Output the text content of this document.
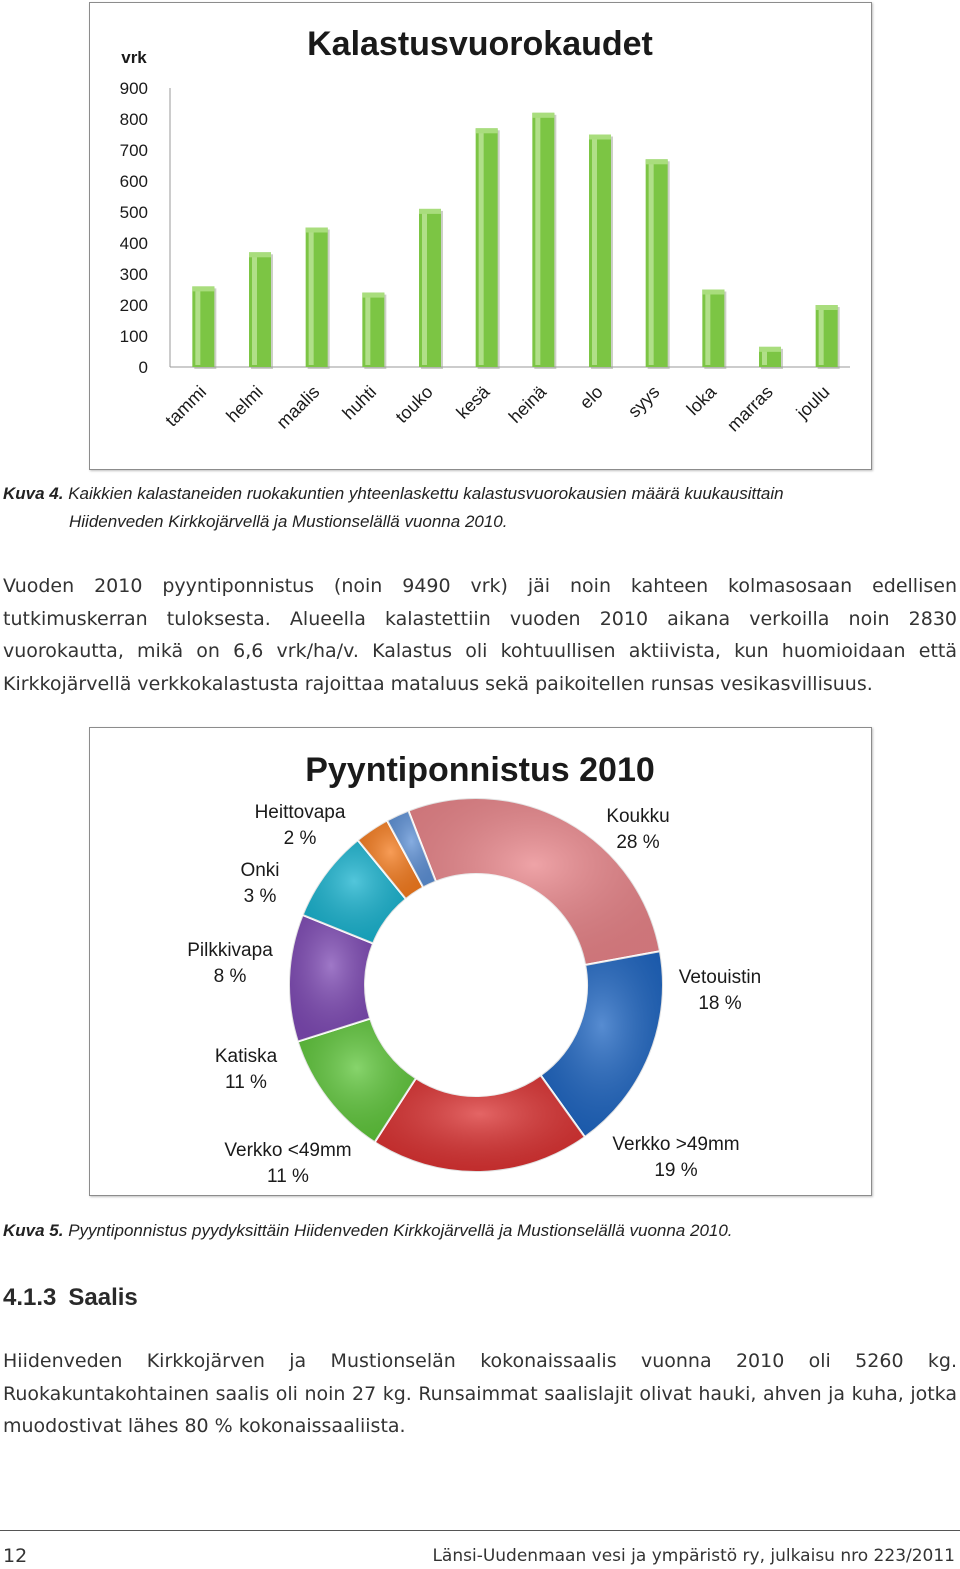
Kalastusvuorokaudet
vrk
0
100
200
300
400
500
600
700
800
900
tammi helmi maalis huhti touko kesä heinä elo syys loka marras joulu
Kuva 4. Kaikkien kalastaneiden ruokakuntien yhteenlaskettu kalastusvuorokausien määrä kuukausittain
Hiidenveden Kirkkojärvellä ja Mustionselällä vuonna 2010.
Vuoden 2010 pyyntiponnistus (noin 9490 vrk) jäi noin kahteen kolmasosaan edellisen tutkimuskerran tuloksesta. Alueella kalastettiin vuoden 2010 aikana verkoilla noin 2830 vuorokautta, mikä on 6,6 vrk/ha/v. Kalastus oli kohtuullisen aktiivista, kun huomioidaan että Kirkkojärvellä verkkokalastusta rajoittaa mataluus sekä paikoitellen runsas vesikasvillisuus.
Pyyntiponnistus 2010
Koukku
28 %
Vetouistin
18 %
Verkko >49mm
19 %
Verkko <49mm
11 %
Katiska
11 %
Pilkkivapa
8 %
Onki
3 %
Heittovapa
2 %
Kuva 5. Pyyntiponnistus pyydyksittäin Hiidenveden Kirkkojärvellä ja Mustionselällä vuonna 2010.
4.1.3 Saalis
Hiidenveden Kirkkojärven ja Mustionselän kokonaissaalis vuonna 2010 oli 5260 kg. Ruokakuntakohtainen saalis oli noin 27 kg. Runsaimmat saalislajit olivat hauki, ahven ja kuha, jotka muodostivat lähes 80 % kokonaissaaliista.
12	Länsi-Uudenmaan vesi ja ympäristö ry, julkaisu nro 223/2011
